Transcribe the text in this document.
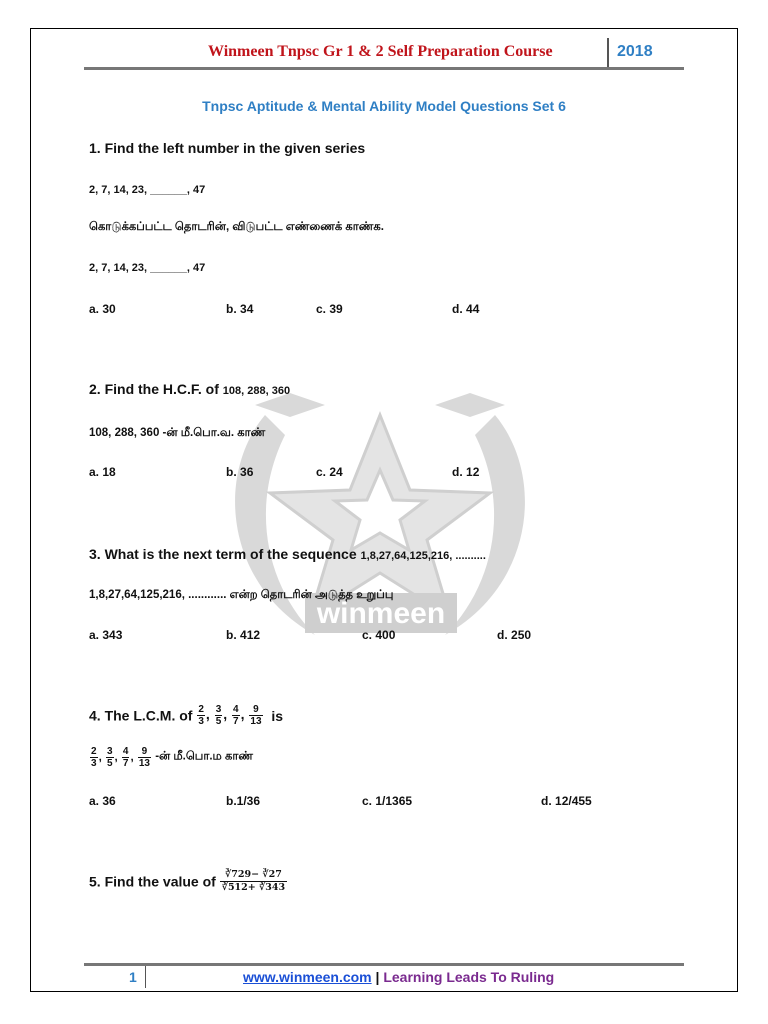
Winmeen Tnpsc Gr 1 & 2 Self Preparation Course	2018
Tnpsc Aptitude & Mental Ability Model Questions Set 6
winmeen
1. Find the left number in the given series
2, 7, 14, 23, ______, 47
கொடுக்கப்பட்ட தொடரின், விடுபட்ட எண்ணைக் காண்க.
2, 7, 14, 23, ______, 47
a. 30	b. 34	c. 39	d. 44
2. Find the H.C.F. of 108, 288, 360
108, 288, 360 -ன் மீ.பொ.வ. காண்
a. 18	b. 36	c. 24	d. 12
3. What is the next term of the sequence 1,8,27,64,125,216, ..........
1,8,27,64,125,216, ............ என்ற தொடரின் அடுத்த உறுப்பு
a. 343	b. 412	c. 400	d. 250
4. The L.C.M. of $\frac{2}{3}$ , $\frac{3}{5}$ , $\frac{4}{7}$ , $\frac{9}{13}$ is
$\frac{2}{3}$ , $\frac{3}{5}$ , $\frac{4}{7}$ , $\frac{9}{13}$ -ன் மீ.பொ.ம காண்
a. 36	b.1/36	c. 1/1365	d. 12/455
5. Find the value of $\frac{∛729- ∛27}{∛512+ ∛343}$
1	www.winmeen.com | Learning Leads To Ruling
